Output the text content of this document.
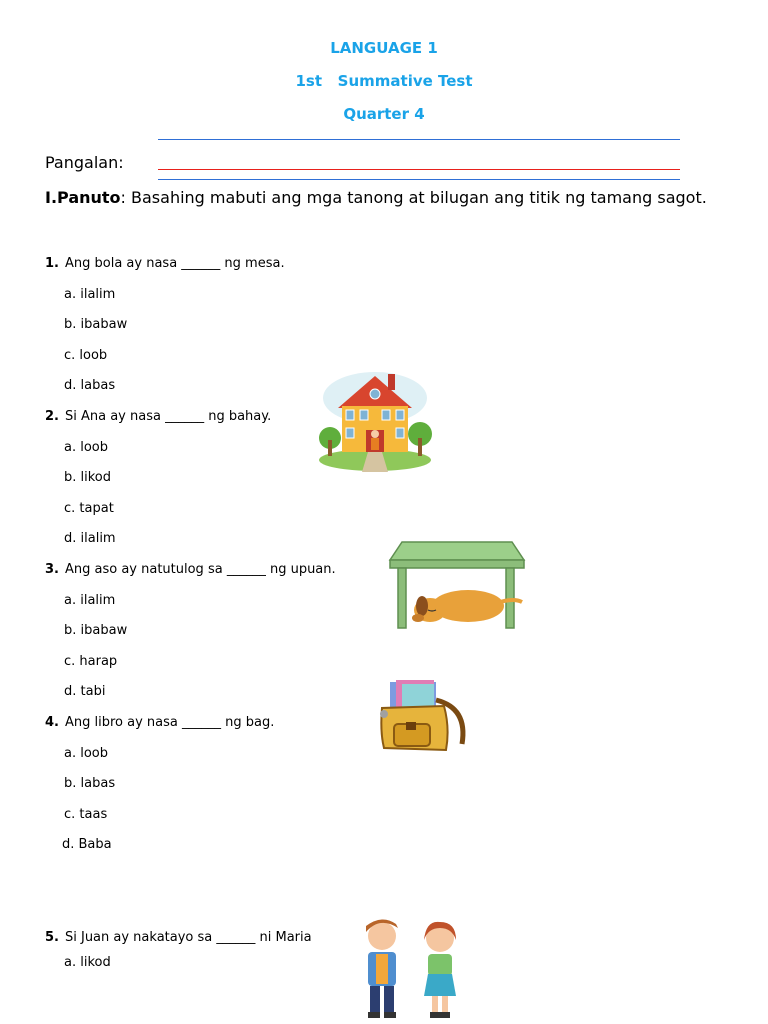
LANGUAGE 1
1st   Summative Test
Quarter 4
Pangalan:
I.Panuto: Basahing mabuti ang mga tanong at bilugan ang titik ng tamang sagot.
1. Ang bola ay nasa ______ ng mesa.
a. ilalim
b. ibabaw
c. loob
d. labas
2. Si Ana ay nasa ______ ng bahay.
a. loob
b. likod
c. tapat
d. ilalim
3. Ang aso ay natutulog sa ______ ng upuan.
a. ilalim
b. ibabaw
c. harap
d. tabi
4. Ang libro ay nasa ______ ng bag.
a. loob
b. labas
c. taas
d. Baba
5. Si Juan ay nakatayo sa ______ ni Maria
a. likod
